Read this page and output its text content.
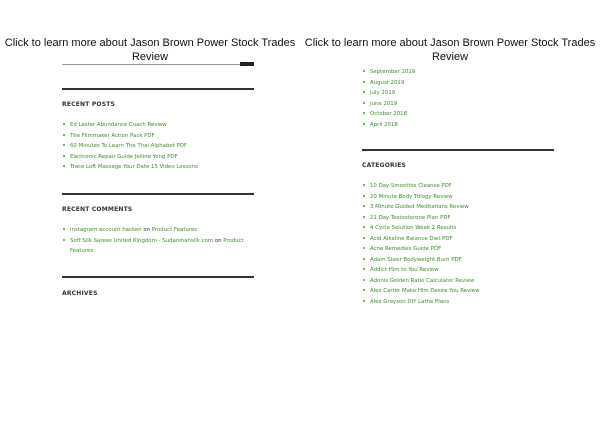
Click to learn more about Jason Brown Power Stock Trades Review
RECENT POSTS
Ed Lester Abundance Coach Review
The Filmmaker Action Pack PDF
60 Minutes To Learn The Thai Alphabet PDF
Electronic Repair Guide Jeiline Yong PDF
Trace Loft Massage Your Date 15 Video Lessons
RECENT COMMENTS
instagram account hacken on Product Features
Soft Silk Sarees United Kingdom - Sudarshansilk.com on Product Features
ARCHIVES
Click to learn more about Jason Brown Power Stock Trades Review
September 2019
August 2019
July 2019
June 2019
October 2018
April 2018
CATEGORIES
10 Day Smoothie Cleanse PDF
20 Minute Body Trilogy Review
3 Minute Guided Meditations Review
21 Day Testosterone Plan PDF
4 Cycle Solution Week 2 Results
Acid Alkaline Balance Diet PDF
Acne Remedies Guide PDF
Adam Steer Bodyweight Burn PDF
Addict Him to You Review
Adonis Golden Ratio Calculator Review
Alex Carter Make Him Desire You Review
Alex Grayson DIY Lathe Plans
